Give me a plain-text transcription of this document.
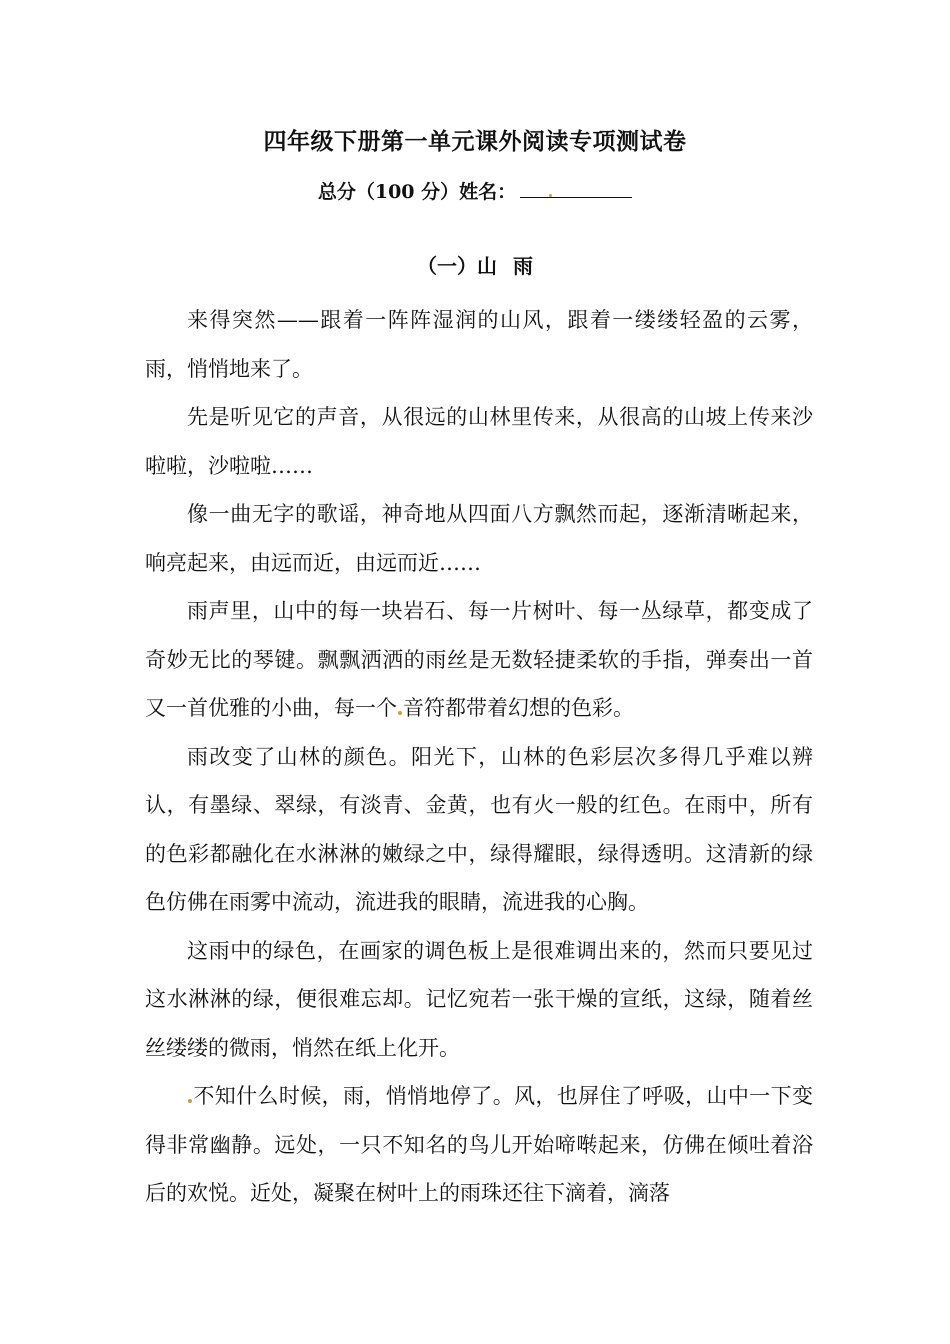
四年级下册第一单元课外阅读专项测试卷
总分（100 分）姓名：
（一）山 雨

来得突然——跟着一阵阵湿润的山风，跟着一缕缕轻盈的云雾，雨，悄悄地来了。

先是听见它的声音，从很远的山林里传来，从很高的山坡上传来沙啦啦，沙啦啦……

像一曲无字的歌谣，神奇地从四面八方飘然而起，逐渐清晰起来，响亮起来，由远而近，由远而近……

雨声里，山中的每一块岩石、每一片树叶、每一丛绿草，都变成了奇妙无比的琴键。飘飘洒洒的雨丝是无数轻捷柔软的手指，弹奏出一首又一首优雅的小曲，每一个 音符都带着幻想的色彩。

雨改变了山林的颜色。阳光下，山林的色彩层次多得几乎难以辨认，有墨绿、翠绿，有淡青、金黄，也有火一般的红色。在雨中，所有的色彩都融化在水淋淋的嫩绿之中，绿得耀眼，绿得透明。这清新的绿色仿佛在雨雾中流动，流进我的眼睛，流进我的心胸。

这雨中的绿色，在画家的调色板上是很难调出来的，然而只要见过这水淋淋的绿，便很难忘却。记忆宛若一张干燥的宣纸，这绿，随着丝丝缕缕的微雨，悄然在纸上化开。

不知什么时候，雨，悄悄地停了。风，也屏住了呼吸，山中一下变得非常幽静。远处，一只不知名的鸟儿开始啼啭起来，仿佛在倾吐着浴后的欢悦。近处，凝聚在树叶上的雨珠还往下滴着，滴落
